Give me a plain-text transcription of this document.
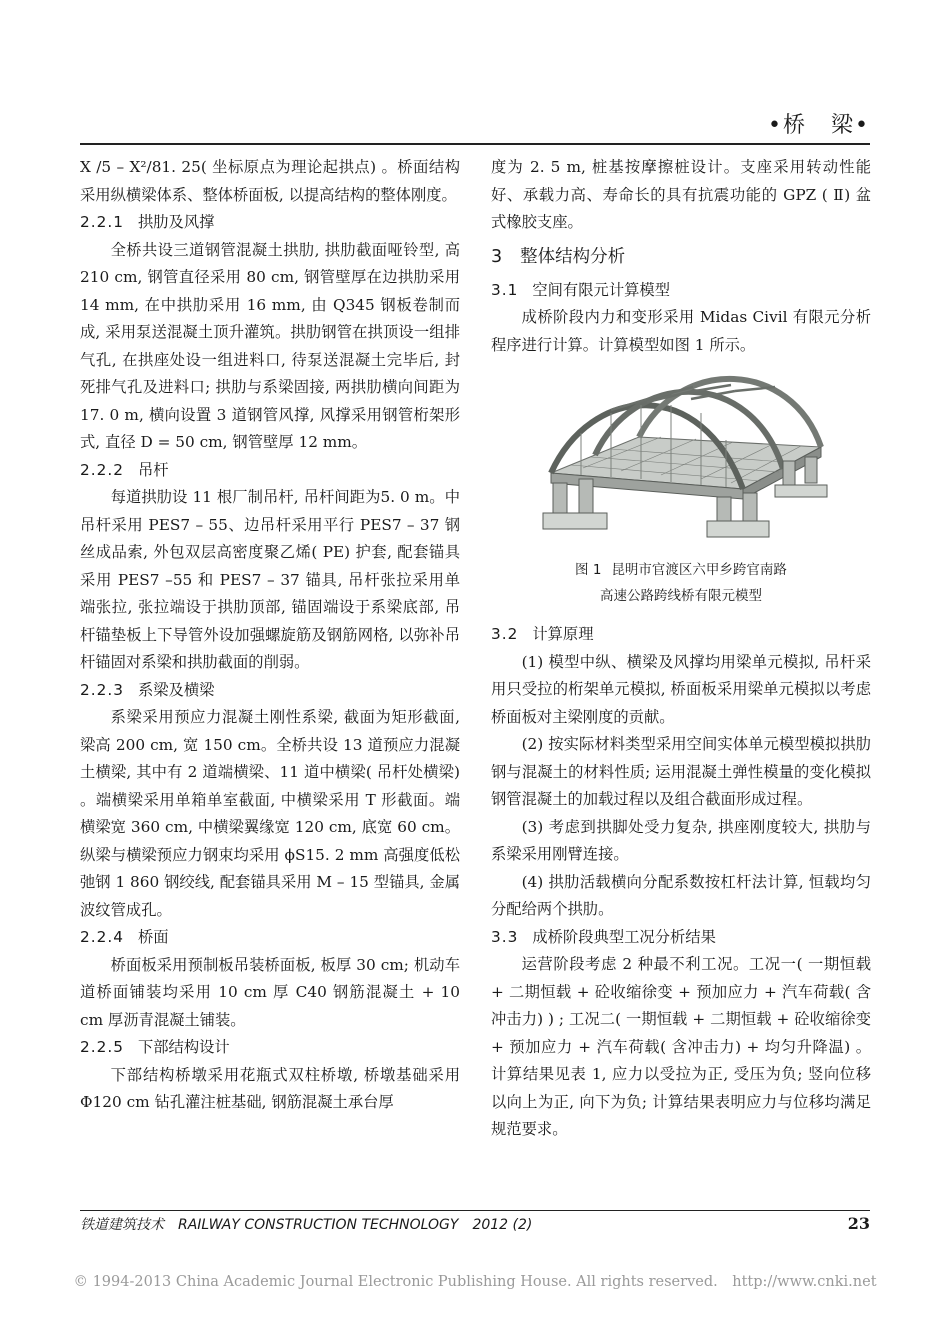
•桥　梁•

X /5 – X²/81. 25( 坐标原点为理论起拱点) 。桥面结构采用纵横梁体系、整体桥面板, 以提高结构的整体刚度。

2.2.1 拱肋及风撑

全桥共设三道钢管混凝土拱肋, 拱肋截面哑铃型, 高 210 cm, 钢管直径采用 80 cm, 钢管壁厚在边拱肋采用 14 mm, 在中拱肋采用 16 mm, 由 Q345 钢板卷制而成, 采用泵送混凝土顶升灌筑。拱肋钢管在拱顶设一组排气孔, 在拱座处设一组进料口, 待泵送混凝土完毕后, 封死排气孔及进料口; 拱肋与系梁固接, 两拱肋横向间距为 17. 0 m, 横向设置 3 道钢管风撑, 风撑采用钢管桁架形式, 直径 D = 50 cm, 钢管壁厚 12 mm。

2.2.2 吊杆

每道拱肋设 11 根厂制吊杆, 吊杆间距为5. 0 m。中吊杆采用 PES7 – 55、边吊杆采用平行 PES7 – 37 钢丝成品索, 外包双层高密度聚乙烯( PE) 护套, 配套锚具采用 PES7 –55 和 PES7 – 37 锚具, 吊杆张拉采用单端张拉, 张拉端设于拱肋顶部, 锚固端设于系梁底部, 吊杆锚垫板上下导管外设加强螺旋筋及钢筋网格, 以弥补吊杆锚固对系梁和拱肋截面的削弱。

2.2.3 系梁及横梁

系梁采用预应力混凝土刚性系梁, 截面为矩形截面, 梁高 200 cm, 宽 150 cm。全桥共设 13 道预应力混凝土横梁, 其中有 2 道端横梁、11 道中横梁( 吊杆处横梁) 。端横梁采用单箱单室截面, 中横梁采用 T 形截面。端横梁宽 360 cm, 中横梁翼缘宽 120 cm, 底宽 60 cm。纵梁与横梁预应力钢束均采用 ϕS15. 2 mm 高强度低松弛钢 1 860 钢绞线, 配套锚具采用 M – 15 型锚具, 金属波纹管成孔。

2.2.4 桥面

桥面板采用预制板吊装桥面板, 板厚 30 cm; 机动车道桥面铺装均采用 10 cm 厚 C40 钢筋混凝土 + 10 cm 厚沥青混凝土铺装。

2.2.5 下部结构设计

下部结构桥墩采用花瓶式双柱桥墩, 桥墩基础采用 Φ120 cm 钻孔灌注桩基础, 钢筋混凝土承台厚

度为 2. 5 m, 桩基按摩擦桩设计。支座采用转动性能好、承载力高、寿命长的具有抗震功能的 GPZ ( Ⅱ) 盆式橡胶支座。

3 整体结构分析
3.1 空间有限元计算模型

成桥阶段内力和变形采用 Midas Civil 有限元分析程序进行计算。计算模型如图 1 所示。

图 1 昆明市官渡区六甲乡跨官南路
高速公路跨线桥有限元模型
3.2 计算原理

(1) 模型中纵、横梁及风撑均用梁单元模拟, 吊杆采用只受拉的桁架单元模拟, 桥面板采用梁单元模拟以考虑桥面板对主梁刚度的贡献。

(2) 按实际材料类型采用空间实体单元模型模拟拱肋钢与混凝土的材料性质; 运用混凝土弹性模量的变化模拟钢管混凝土的加载过程以及组合截面形成过程。

(3) 考虑到拱脚处受力复杂, 拱座刚度较大, 拱肋与系梁采用刚臂连接。

(4) 拱肋活载横向分配系数按杠杆法计算, 恒载均匀分配给两个拱肋。

3.3 成桥阶段典型工况分析结果

运营阶段考虑 2 种最不利工况。工况一( 一期恒载 + 二期恒载 + 砼收缩徐变 + 预加应力 + 汽车荷载( 含冲击力) ) ; 工况二( 一期恒载 + 二期恒载 + 砼收缩徐变 + 预加应力 + 汽车荷载( 含冲击力) + 均匀升降温) 。计算结果见表 1, 应力以受拉为正, 受压为负; 竖向位移以向上为正, 向下为负; 计算结果表明应力与位移均满足规范要求。

铁道建筑技术　RAILWAY CONSTRUCTION TECHNOLOGY　2012 (2)	23
© 1994-2013 China Academic Journal Electronic Publishing House. All rights reserved.　http://www.cnki.net
